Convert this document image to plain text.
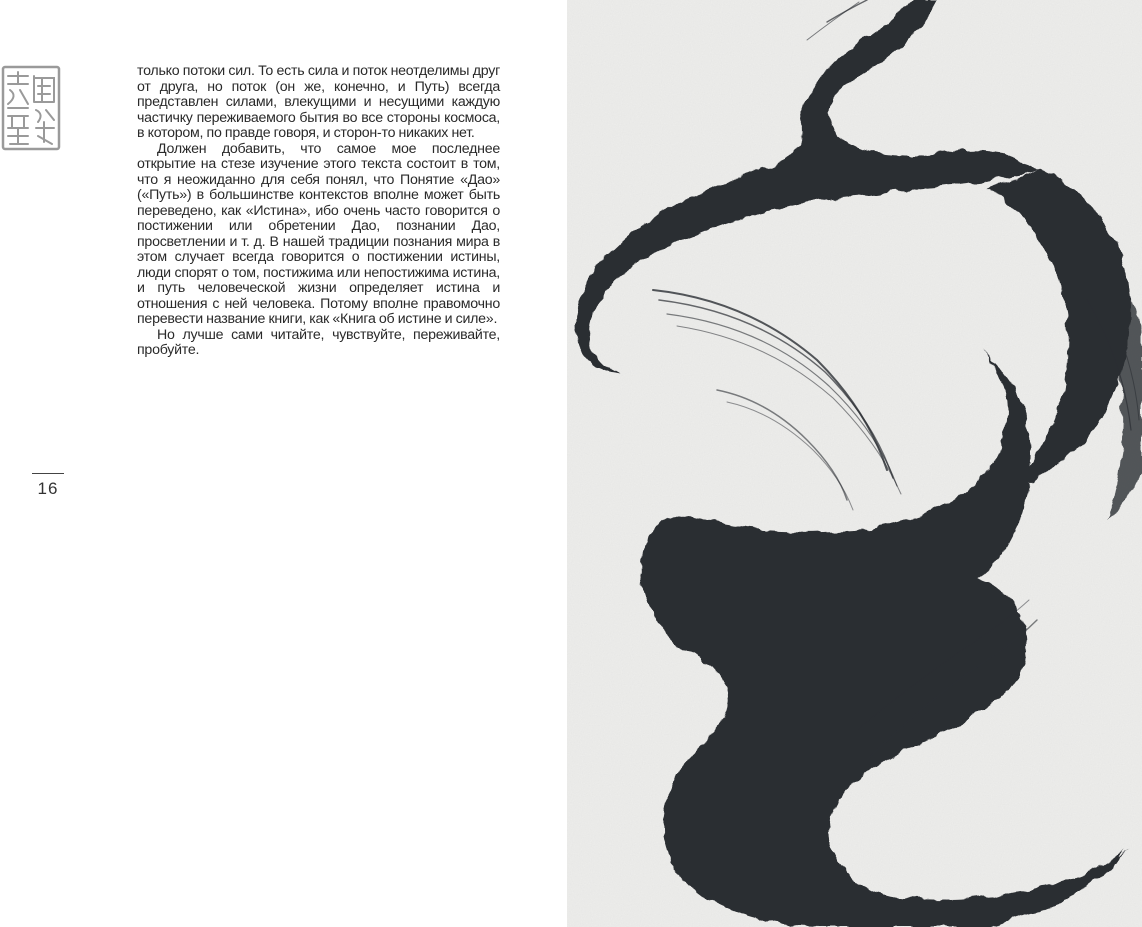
только потоки сил. То есть сила и поток неотделимы друг от друга, но поток (он же, конечно, и Путь) всегда представлен силами, влекущими и несущими каждую частичку переживаемого бытия во все стороны космоса, в котором, по правде говоря, и сторон-то никаких нет.

Должен добавить, что самое мое последнее открытие на стезе изучение этого текста состоит в том, что я неожиданно для себя понял, что Понятие «Дао» («Путь») в большинстве контекстов вполне может быть переведено, как «Истина», ибо очень часто говорится о постижении или обретении Дао, познании Дао, просветлении и т. д. В нашей традиции познания мира в этом случает всегда говорится о постижении истины, люди спорят о том, постижима или непостижима истина, и путь человеческой жизни определяет истина и отношения с ней человека. Потому вполне правомочно перевести название книги, как «Книга об истине и силе».

Но лучше сами читайте, чувствуйте, переживайте, пробуйте.

16
